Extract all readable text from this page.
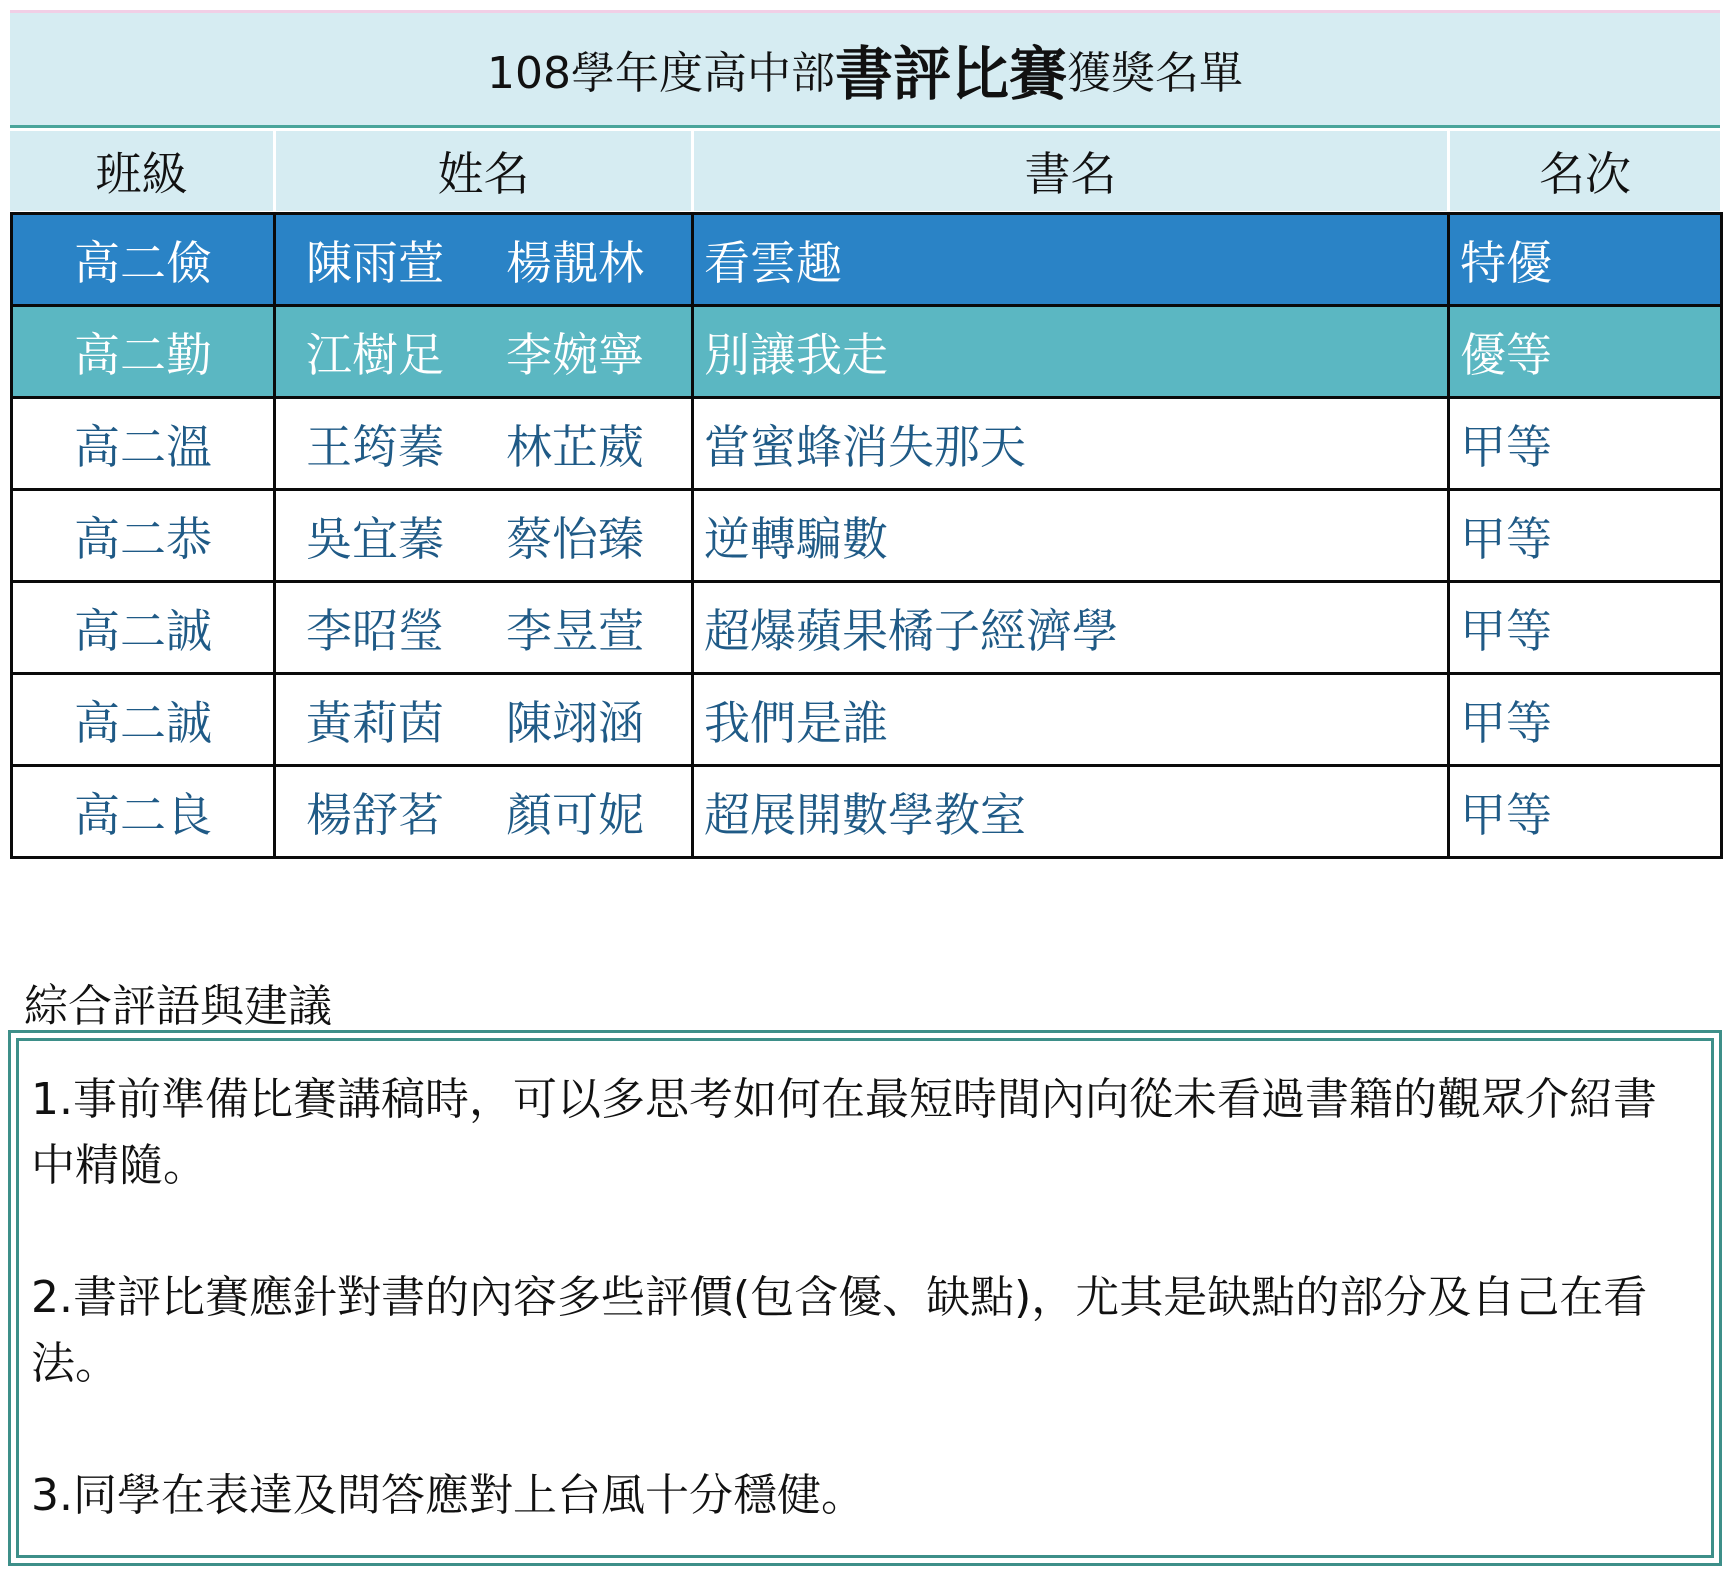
108學年度高中部 書評比賽 獲獎名單
班級	姓名	書名	名次
高二儉	陳雨萱 楊靚林	看雲趣	特優
高二勤	江樹足 李婉寧	別讓我走	優等
高二溫	王筠蓁 林芷葳	當蜜蜂消失那天	甲等
高二恭	吳宜蓁 蔡怡臻	逆轉騙數	甲等
高二誠	李昭瑩 李昱萱	超爆蘋果橘子經濟學	甲等
高二誠	黃莉茵 陳翊涵	我們是誰	甲等
高二良	楊舒茗 顏可妮	超展開數學教室	甲等
綜合評語與建議

1.事前準備比賽講稿時，可以多思考如何在最短時間內向從未看過書籍的觀眾介紹書中精隨。

2.書評比賽應針對書的內容多些評價(包含優、缺點)，尤其是缺點的部分及自己在看法。

3.同學在表達及問答應對上台風十分穩健。
